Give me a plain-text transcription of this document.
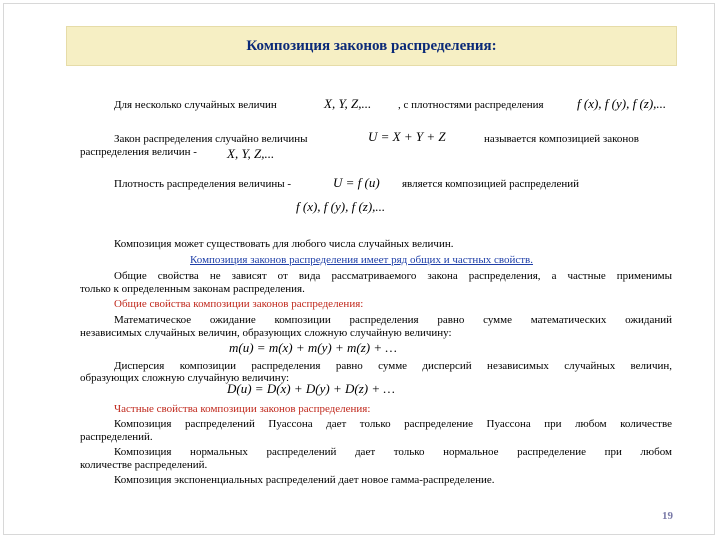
Композиция законов распределения:
Для несколько случайных величин	X, Y, Z,... , с плотностями распределения	f (x), f (y), f (z),...
Закон распределения случайно величины	U = X + Y + Z	называется композицией законов
распределения величин - X, Y, Z,...
Плотность распределения величины -	U = f (u) является композицией распределений
f (x), f (y), f (z),...
Композиция может существовать для любого числа случайных величин.
Композиция законов распределения имеет ряд общих и частных свойств.
Общие свойства не зависят от вида рассматриваемого закона распределения, а частные применимы
только к определенным законам распределения.
Общие свойства композиции законов распределения:
Математическое ожидание композиции распределения равно сумме математических ожиданий
независимых случайных величин, образующих сложную случайную величину:
m(u) = m(x) + m(y) + m(z) + …
Дисперсия композиции распределения равно сумме дисперсий независимых случайных величин,
образующих сложную случайную величину:
D(u) = D(x) + D(y) + D(z) + …
Частные свойства композиции законов распределения:
Композиция распределений Пуассона дает только распределение Пуассона при любом количестве
распределений.
Композиция нормальных распределений дает только нормальное распределение при любом
количестве распределений.
Композиция экспоненциальных распределений дает новое гамма-распределение.
19
